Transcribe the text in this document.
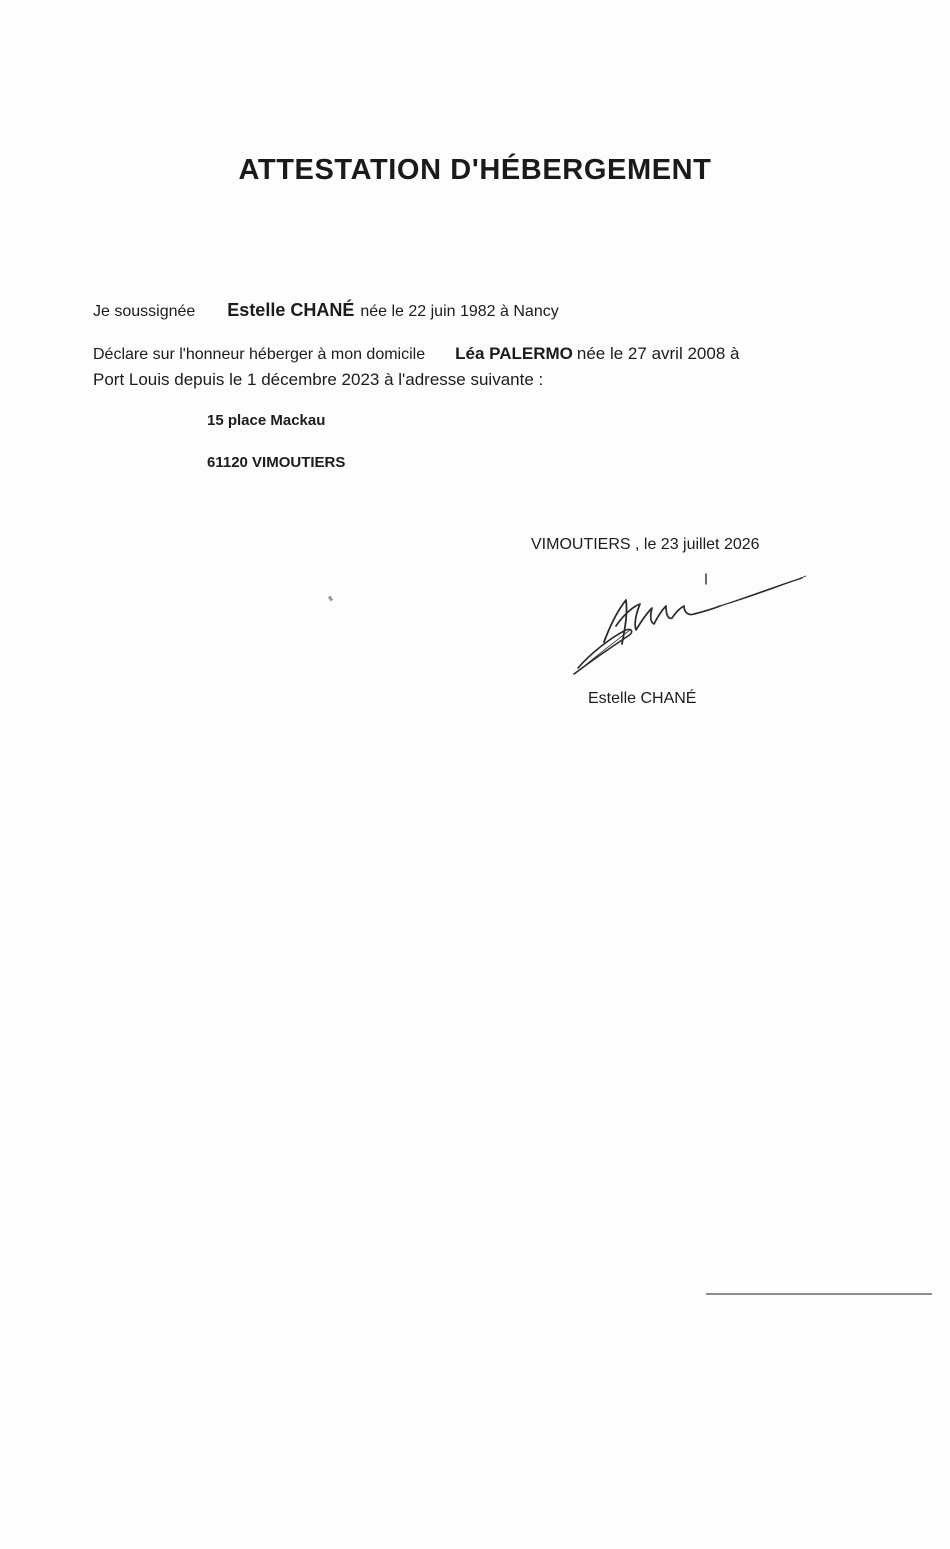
ATTESTATION D'HÉBERGEMENT
Je soussignée Estelle CHANÉ née le 22 juin 1982 à Nancy
Déclare sur l'honneur héberger à mon domicile Léa PALERMO née le 27 avril 2008 à
Port Louis depuis le 1 décembre 2023 à l'adresse suivante :
15 place Mackau
61120 VIMOUTIERS
VIMOUTIERS , le 23 juillet 2026
Estelle CHANÉ
